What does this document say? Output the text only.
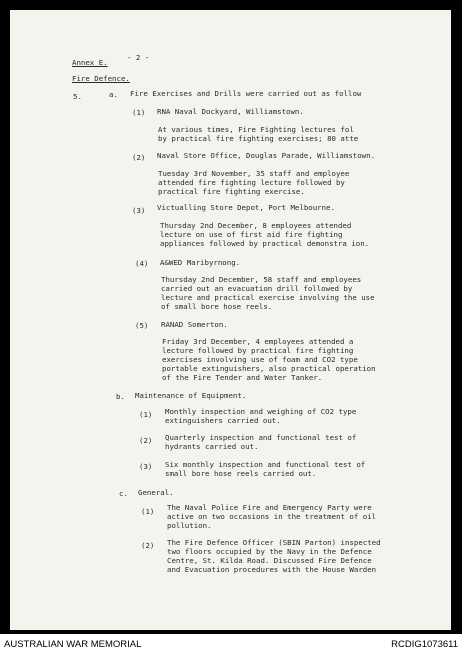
- 2 -
Annex E.
Fire Defence.
5.	a. Fire Exercises and Drills were carried out as follow
(1) RNA Naval Dockyard, Williamstown.
At various times, Fire Fighting lectures fol
by practical fire fighting exercises; 80 atte
(2) Naval Store Office, Douglas Parade, Williamstown.
Tuesday 3rd November, 35 staff and employee
attended fire fighting lecture followed by
practical fire fighting exercise.
(3) Victualling Store Depot, Port Melbourne.
Thursday 2nd December, 8 employees attended
lecture on use of first aid fire fighting
appliances followed by practical demonstra ion.
(4) A&WED Maribyrnong.
Thursday 2nd December, 58 staff and employees
carried out an evacuation drill followed by
lecture and practical exercise involving the use
of small bore hose reels.
(5) RANAD Somerton.
Friday 3rd December, 4 employees attended a
lecture followed by practical fire fighting
exercises involving use of foam and CO2 type
portable extinguishers, also practical operation
of the Fire Tender and Water Tanker.
b. Maintenance of Equipment.
(1) Monthly inspection and weighing of CO2 type
extinguishers carried out.
(2) Quarterly inspection and functional test of
hydrants carried out.
(3) Six monthly inspection and functional test of
small bore hose reels carried out.
c. General.
(1) The Naval Police Fire and Emergency Party were
active on two occasions in the treatment of oil
pollution.
(2) The Fire Defence Officer (SBIN Parton) inspected
two floors occupied by the Navy in the Defence
Centre, St. Kilda Road. Discussed Fire Defence
and Evacuation procedures with the House Warden
AUSTRALIAN WAR MEMORIAL	RCDIG1073611
